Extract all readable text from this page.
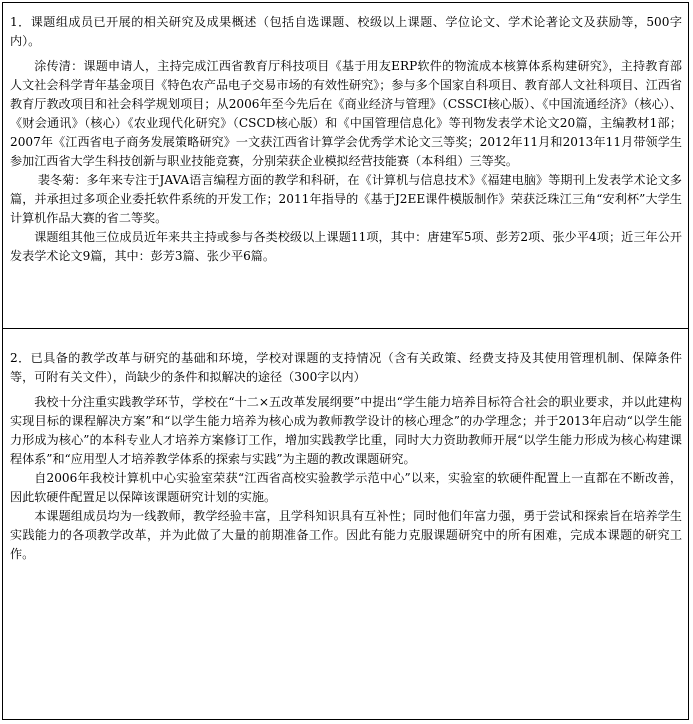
1．课题组成员已开展的相关研究及成果概述（包括自选课题、校级以上课题、学位论文、学术论著论文及获励等，500字内）。

涂传清：课题申请人，主持完成江西省教育厅科技项目《基于用友ERP软件的物流成本核算体系构建研究》，主持教育部人文社会科学青年基金项目《特色农产品电子交易市场的有效性研究》；参与多个国家自科项目、教育部人文社科项目、江西省教育厅教改项目和社会科学规划项目；从2006年至今先后在《商业经济与管理》（CSSCI核心版）、《中国流通经济》（核心）、《财会通讯》（核心）《农业现代化研究》（CSCD核心版）和《中国管理信息化》等刊物发表学术论文20篇，主编教材1部；2007年《江西省电子商务发展策略研究》一文获江西省计算学会优秀学术论文三等奖；2012年11月和2013年11月带领学生参加江西省大学生科技创新与职业技能竞赛，分别荣获企业模拟经营技能赛（本科组）三等奖。

裴冬菊：多年来专注于JAVA语言编程方面的教学和科研，在《计算机与信息技术》《福建电脑》等期刊上发表学术论文多篇，并承担过多项企业委托软件系统的开发工作；2011年指导的《基于J2EE课件模版制作》荣获泛珠江三角“安利杯”大学生计算机作品大赛的省二等奖。

课题组其他三位成员近年来共主持或参与各类校级以上课题11项，其中：唐建军5项、彭芳2项、张少平4项；近三年公开发表学术论文9篇，其中：彭芳3篇、张少平6篇。

2．已具备的教学改革与研究的基础和环境，学校对课题的支持情况（含有关政策、经费支持及其使用管理机制、保障条件等，可附有关文件），尚缺少的条件和拟解决的途径（300字以内）

我校十分注重实践教学环节，学校在“十二×五改革发展纲要”中提出“学生能力培养目标符合社会的职业要求，并以此建构实现目标的课程解决方案”和“以学生能力培养为核心成为教师教学设计的核心理念”的办学理念；并于2013年启动“以学生能力形成为核心”的本科专业人才培养方案修订工作，增加实践教学比重，同时大力资助教师开展“以学生能力形成为核心构建课程体系”和“应用型人才培养教学体系的探索与实践”为主题的教改课题研究。

自2006年我校计算机中心实验室荣获“江西省高校实验教学示范中心”以来，实验室的软硬件配置上一直都在不断改善，因此软硬件配置足以保障该课题研究计划的实施。

本课题组成员均为一线教师，教学经验丰富，且学科知识具有互补性；同时他们年富力强，勇于尝试和探索旨在培养学生实践能力的各项教学改革，并为此做了大量的前期准备工作。因此有能力克服课题研究中的所有困难，完成本课题的研究工作。
